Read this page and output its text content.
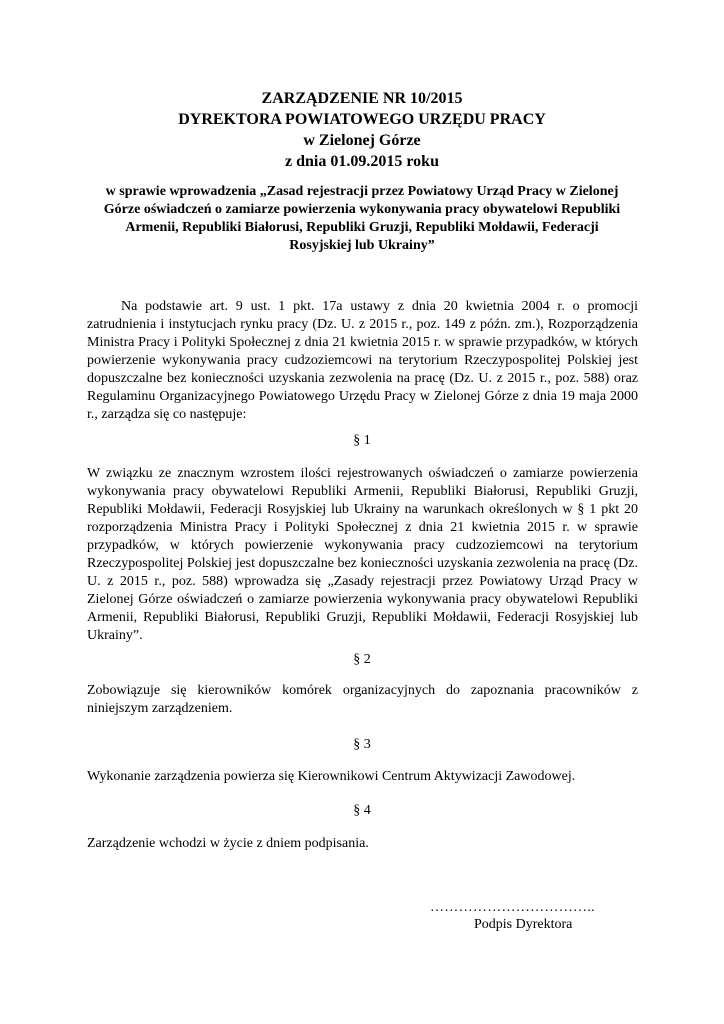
ZARZĄDZENIE NR 10/2015
DYREKTORA POWIATOWEGO URZĘDU PRACY
w Zielonej Górze
z dnia 01.09.2015 roku
w sprawie wprowadzenia „Zasad rejestracji przez Powiatowy Urząd Pracy w Zielonej
Górze oświadczeń o zamiarze powierzenia wykonywania pracy obywatelowi Republiki
Armenii, Republiki Białorusi, Republiki Gruzji, Republiki Mołdawii, Federacji
Rosyjskiej lub Ukrainy”
Na podstawie art. 9 ust. 1 pkt. 17a ustawy z dnia 20 kwietnia 2004 r. o promocji zatrudnienia i instytucjach rynku pracy (Dz. U. z 2015 r., poz. 149 z późn. zm.), Rozporządzenia Ministra Pracy i Polityki Społecznej z dnia 21 kwietnia 2015 r. w sprawie przypadków, w których powierzenie wykonywania pracy cudzoziemcowi na terytorium Rzeczypospolitej Polskiej jest dopuszczalne bez konieczności uzyskania zezwolenia na pracę (Dz. U. z 2015 r., poz. 588) oraz Regulaminu Organizacyjnego Powiatowego Urzędu Pracy w Zielonej Górze z dnia 19 maja 2000 r., zarządza się co następuje:
§ 1
W związku ze znacznym wzrostem ilości rejestrowanych oświadczeń o zamiarze powierzenia wykonywania pracy obywatelowi Republiki Armenii, Republiki Białorusi, Republiki Gruzji, Republiki Mołdawii, Federacji Rosyjskiej lub Ukrainy na warunkach określonych w § 1 pkt 20 rozporządzenia Ministra Pracy i Polityki Społecznej z dnia 21 kwietnia 2015 r. w sprawie przypadków, w których powierzenie wykonywania pracy cudzoziemcowi na terytorium Rzeczypospolitej Polskiej jest dopuszczalne bez konieczności uzyskania zezwolenia na pracę (Dz. U. z 2015 r., poz. 588) wprowadza się „Zasady rejestracji przez Powiatowy Urząd Pracy w Zielonej Górze oświadczeń o zamiarze powierzenia wykonywania pracy obywatelowi Republiki Armenii, Republiki Białorusi, Republiki Gruzji, Republiki Mołdawii, Federacji Rosyjskiej lub Ukrainy”.
§ 2
Zobowiązuje się kierowników komórek organizacyjnych do zapoznania pracowników z niniejszym zarządzeniem.
§ 3
Wykonanie zarządzenia powierza się Kierownikowi Centrum Aktywizacji Zawodowej.
§ 4
Zarządzenie wchodzi w życie z dniem podpisania.
……………………………..
Podpis Dyrektora
